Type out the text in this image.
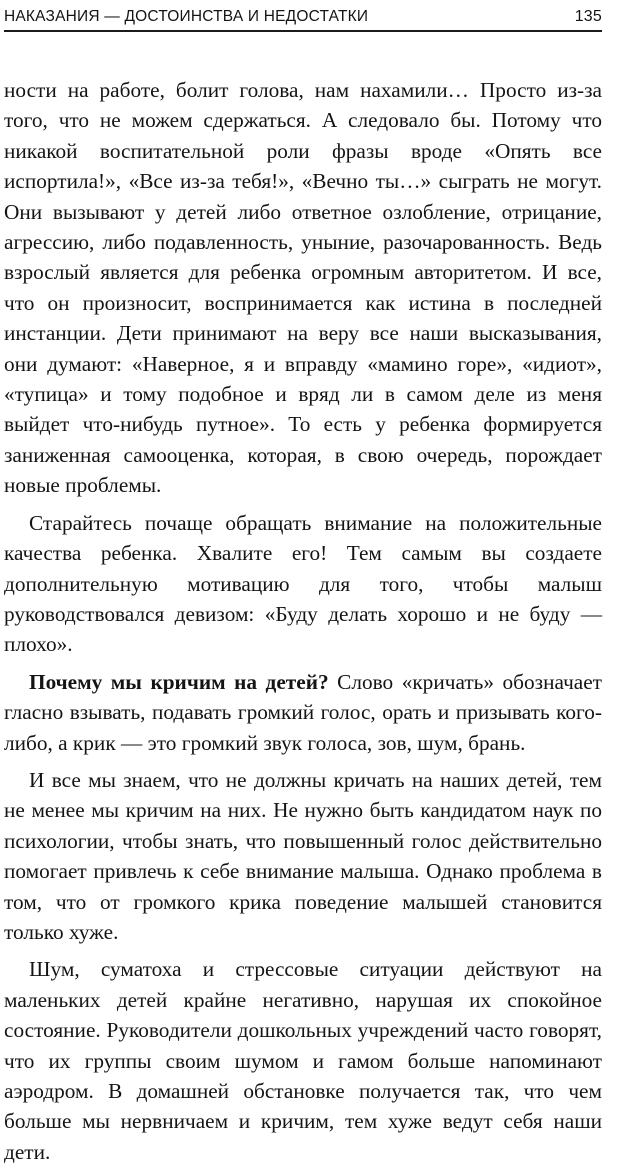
НАКАЗАНИЯ — ДОСТОИНСТВА И НЕДОСТАТКИ	135

ности на работе, болит голова, нам нахамили… Просто из-за того, что не можем сдержаться. А следовало бы. Потому что никакой воспитательной роли фразы вроде «Опять все испортила!», «Все из-за тебя!», «Вечно ты…» сыграть не могут. Они вызывают у детей либо ответное озлобление, отрицание, агрессию, либо подавленность, уныние, разочарованность. Ведь взрослый является для ребенка огромным авторитетом. И все, что он произносит, воспринимается как истина в последней инстанции. Дети принимают на веру все наши высказывания, они думают: «Наверное, я и вправду «мамино горе», «идиот», «тупица» и тому подобное и вряд ли в самом деле из меня выйдет что-нибудь путное». То есть у ребенка формируется заниженная самооценка, которая, в свою очередь, порождает новые проблемы.

Старайтесь почаще обращать внимание на положительные качества ребенка. Хвалите его! Тем самым вы создаете дополнительную мотивацию для того, чтобы малыш руководствовался девизом: «Буду делать хорошо и не буду — плохо».

Почему мы кричим на детей? Слово «кричать» обозначает гласно взывать, подавать громкий голос, орать и призывать кого-либо, а крик — это громкий звук голоса, зов, шум, брань.

И все мы знаем, что не должны кричать на наших детей, тем не менее мы кричим на них. Не нужно быть кандидатом наук по психологии, чтобы знать, что повышенный голос действительно помогает привлечь к себе внимание малыша. Однако проблема в том, что от громкого крика поведение малышей становится только хуже.

Шум, суматоха и стрессовые ситуации действуют на маленьких детей крайне негативно, нарушая их спокойное состояние. Руководители дошкольных учреждений часто говорят, что их группы своим шумом и гамом больше напоминают аэродром. В домашней обстановке получается так, что чем больше мы нервничаем и кричим, тем хуже ведут себя наши дети.
